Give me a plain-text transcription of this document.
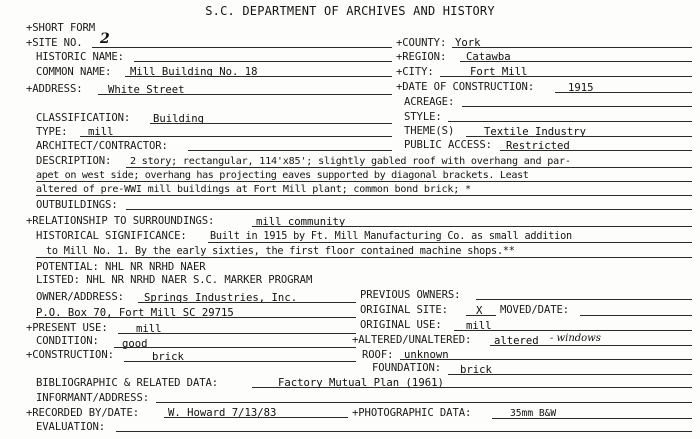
S.C. DEPARTMENT OF ARCHIVES AND HISTORY
+SHORT FORM
+SITE NO. 2	+COUNTY: York
HISTORIC NAME:	+REGION: Catawba
COMMON NAME: Mill Building No. 18	+CITY:	Fort Mill
+ADDRESS: White Street	+DATE OF CONSTRUCTION:	1915
ACREAGE:
CLASSIFICATION: Building	STYLE:
TYPE: mill	THEME(S)	Textile Industry
ARCHITECT/CONTRACTOR:	PUBLIC ACCESS: Restricted
DESCRIPTION: 2 story; rectangular, 114'x85'; slightly gabled roof with overhang and par-
apet on west side; overhang has projecting eaves supported by diagonal brackets. Least
altered of pre-WWI mill buildings at Fort Mill plant; common bond brick; *
OUTBUILDINGS:
+RELATIONSHIP TO SURROUNDINGS:	mill community
HISTORICAL SIGNIFICANCE: Built in 1915 by Ft. Mill Manufacturing Co. as small addition
to Mill No. 1. By the early sixties, the first floor contained machine shops.**
POTENTIAL: NHL NR NRHD NAER
LISTED: NHL NR NRHD NAER S.C. MARKER PROGRAM
OWNER/ADDRESS: Springs Industries, Inc.	PREVIOUS OWNERS:
P.O. Box 70, Fort Mill SC 29715	ORIGINAL SITE:	X MOVED/DATE:
+PRESENT USE:	mill	ORIGINAL USE: mill
CONDITION: good	+ALTERED/UNALTERED: altered - windows
+CONSTRUCTION:	brick	ROOF: unknown
FOUNDATION: brick
BIBLIOGRAPHIC & RELATED DATA:	Factory Mutual Plan (1961)
INFORMANT/ADDRESS:
+RECORDED BY/DATE:	W. Howard 7/13/83	+PHOTOGRAPHIC DATA:	35mm B&W
EVALUATION:
